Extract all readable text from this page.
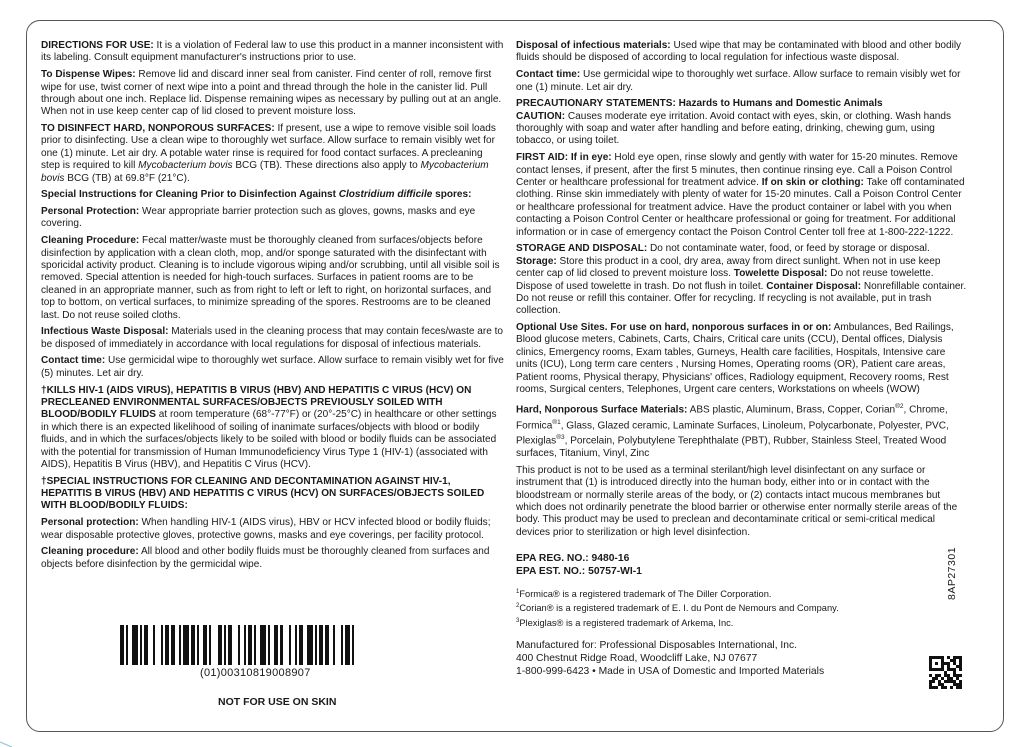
DIRECTIONS FOR USE: It is a violation of Federal law to use this product in a manner inconsistent with its labeling. Consult equipment manufacturer's instructions prior to use.

To Dispense Wipes: Remove lid and discard inner seal from canister. Find center of roll, remove first wipe for use, twist corner of next wipe into a point and thread through the hole in the canister lid. Pull through about one inch. Replace lid. Dispense remaining wipes as necessary by pulling out at an angle. When not in use keep center cap of lid closed to prevent moisture loss.

TO DISINFECT HARD, NONPOROUS SURFACES: If present, use a wipe to remove visible soil loads prior to disinfecting. Use a clean wipe to thoroughly wet surface. Allow surface to remain visibly wet for one (1) minute. Let air dry. A potable water rinse is required for food contact surfaces. A precleaning step is required to kill Mycobacterium bovis BCG (TB). These directions also apply to Mycobacterium bovis BCG (TB) at 69.8°F (21°C).

Special Instructions for Cleaning Prior to Disinfection Against Clostridium difficile spores:

Personal Protection: Wear appropriate barrier protection such as gloves, gowns, masks and eye covering.

Cleaning Procedure: Fecal matter/waste must be thoroughly cleaned from surfaces/objects before disinfection by application with a clean cloth, mop, and/or sponge saturated with the disinfectant with sporicidal activity product. Cleaning is to include vigorous wiping and/or scrubbing, until all visible soil is removed. Special attention is needed for high-touch surfaces. Surfaces in patient rooms are to be cleaned in an appropriate manner, such as from right to left or left to right, on horizontal surfaces, and top to bottom, on vertical surfaces, to minimize spreading of the spores. Restrooms are to be cleaned last. Do not reuse soiled cloths.

Infectious Waste Disposal: Materials used in the cleaning process that may contain feces/waste are to be disposed of immediately in accordance with local regulations for disposal of infectious materials.

Contact time: Use germicidal wipe to thoroughly wet surface. Allow surface to remain visibly wet for five (5) minutes. Let air dry.

†KILLS HIV-1 (AIDS VIRUS), HEPATITIS B VIRUS (HBV) AND HEPATITIS C VIRUS (HCV) ON PRECLEANED ENVIRONMENTAL SURFACES/OBJECTS PREVIOUSLY SOILED WITH BLOOD/BODILY FLUIDS at room temperature (68°-77°F) or (20°-25°C) in healthcare or other settings in which there is an expected likelihood of soiling of inanimate surfaces/objects with blood or bodily fluids, and in which the surfaces/objects likely to be soiled with blood or bodily fluids can be associated with the potential for transmission of Human Immunodeficiency Virus Type 1 (HIV-1) (associated with AIDS), Hepatitis B Virus (HBV), and Hepatitis C Virus (HCV).

†SPECIAL INSTRUCTIONS FOR CLEANING AND DECONTAMINATION AGAINST HIV-1, HEPATITIS B VIRUS (HBV) AND HEPATITIS C VIRUS (HCV) ON SURFACES/OBJECTS SOILED WITH BLOOD/BODILY FLUIDS:

Personal protection: When handling HIV-1 (AIDS virus), HBV or HCV infected blood or bodily fluids; wear disposable protective gloves, protective gowns, masks and eye coverings, per facility protocol.

Cleaning procedure: All blood and other bodily fluids must be thoroughly cleaned from surfaces and objects before disinfection by the germicidal wipe.

(01)00310819008907
NOT FOR USE ON SKIN

Disposal of infectious materials: Used wipe that may be contaminated with blood and other bodily fluids should be disposed of according to local regulation for infectious waste disposal.

Contact time: Use germicidal wipe to thoroughly wet surface. Allow surface to remain visibly wet for one (1) minute. Let air dry.

PRECAUTIONARY STATEMENTS: Hazards to Humans and Domestic Animals

CAUTION: Causes moderate eye irritation. Avoid contact with eyes, skin, or clothing. Wash hands thoroughly with soap and water after handling and before eating, drinking, chewing gum, using tobacco, or using toilet.

FIRST AID: If in eye: Hold eye open, rinse slowly and gently with water for 15-20 minutes. Remove contact lenses, if present, after the first 5 minutes, then continue rinsing eye. Call a Poison Control Center or healthcare professional for treatment advice. If on skin or clothing: Take off contaminated clothing. Rinse skin immediately with plenty of water for 15-20 minutes. Call a Poison Control Center or healthcare professional for treatment advice. Have the product container or label with you when contacting a Poison Control Center or healthcare professional or going for treatment. For additional information or in case of emergency contact the Poison Control Center toll free at 1-800-222-1222.

STORAGE AND DISPOSAL: Do not contaminate water, food, or feed by storage or disposal.

Storage: Store this product in a cool, dry area, away from direct sunlight. When not in use keep center cap of lid closed to prevent moisture loss. Towelette Disposal: Do not reuse towelette. Dispose of used towelette in trash. Do not flush in toilet. Container Disposal: Nonrefillable container. Do not reuse or refill this container. Offer for recycling. If recycling is not available, put in trash collection.

Optional Use Sites. For use on hard, nonporous surfaces in or on: Ambulances, Bed Railings, Blood glucose meters, Cabinets, Carts, Chairs, Critical care units (CCU), Dental offices, Dialysis clinics, Emergency rooms, Exam tables, Gurneys, Health care facilities, Hospitals, Intensive care units (ICU), Long term care centers , Nursing Homes, Operating rooms (OR), Patient care areas, Patient rooms, Physical therapy, Physicians' offices, Radiology equipment, Recovery rooms, Rest rooms, Surgical centers, Telephones, Urgent care centers, Workstations on wheels (WOW)

Hard, Nonporous Surface Materials: ABS plastic, Aluminum, Brass, Copper, Corian$^{®2}$, Chrome, Formica$^{®1}$, Glass, Glazed ceramic, Laminate Surfaces, Linoleum, Polycarbonate, Polyester, PVC, Plexiglas$^{®3}$, Porcelain, Polybutylene Terephthalate (PBT), Rubber, Stainless Steel, Treated Wood surfaces, Titanium, Vinyl, Zinc

This product is not to be used as a terminal sterilant/high level disinfectant on any surface or instrument that (1) is introduced directly into the human body, either into or in contact with the bloodstream or normally sterile areas of the body, or (2) contacts intact mucous membranes but which does not ordinarily penetrate the blood barrier or otherwise enter normally sterile areas of the body. This product may be used to preclean and decontaminate critical or semi-critical medical devices prior to sterilization or high level disinfection.

EPA REG. NO.: 9480-16
EPA EST. NO.: 50757-WI-1
$^1$Formica® is a registered trademark of The Diller Corporation.
$^2$Corian® is a registered trademark of E. I. du Pont de Nemours and Company.
$^3$Plexiglas® is a registered trademark of Arkema, Inc.
Manufactured for: Professional Disposables International, Inc.
400 Chestnut Ridge Road, Woodcliff Lake, NJ 07677
1-800-999-6423 • Made in USA of Domestic and Imported Materials
8AP27301
